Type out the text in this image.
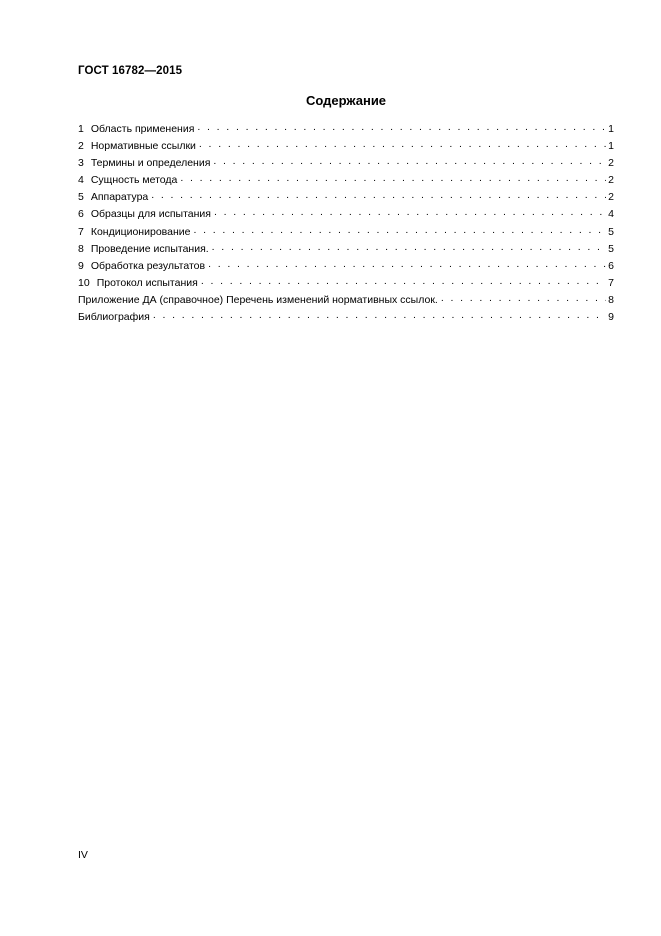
ГОСТ 16782—2015
Содержание
1 Область применения . . .	1
2 Нормативные ссылки . . .	1
3 Термины и определения . . .	2
4 Сущность метода . . .	2
5 Аппаратура . . .	2
6 Образцы для испытания . . .	4
7 Кондиционирование . . .	5
8 Проведение испытания. . . .	5
9 Обработка результатов . . .	6
10 Протокол испытания . . .	7
Приложение ДА (справочное) Перечень изменений нормативных ссылок. . . .	8
Библиография . . .	9
IV
